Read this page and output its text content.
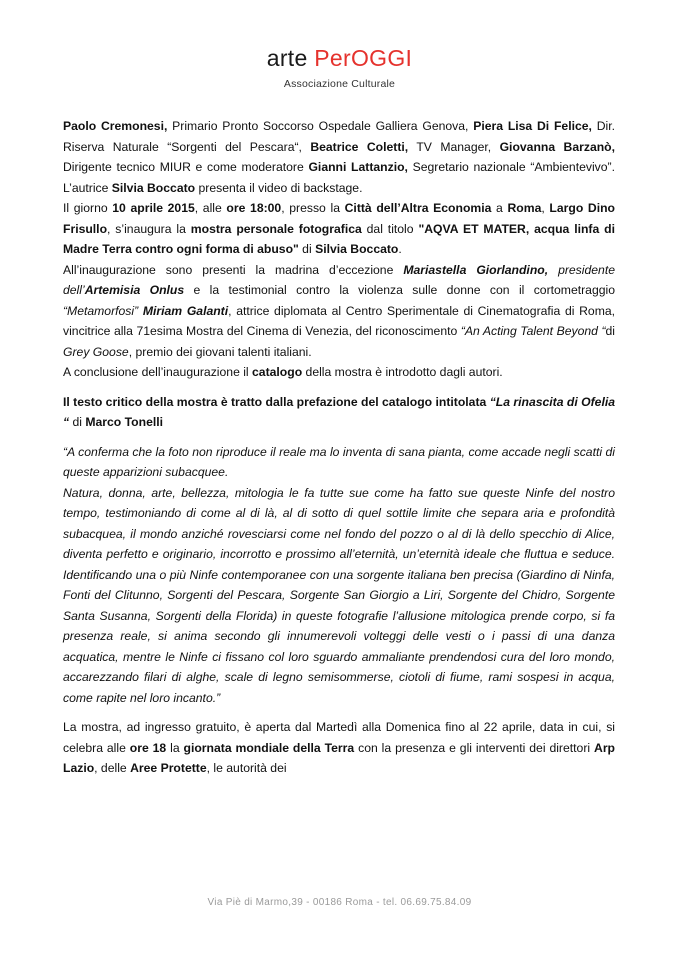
arte PerOGGI
Associazione Culturale

Paolo Cremonesi, Primario Pronto Soccorso Ospedale Galliera Genova, Piera Lisa Di Felice, Dir. Riserva Naturale “Sorgenti del Pescara“, Beatrice Coletti, TV Manager, Giovanna Barzanò, Dirigente tecnico MIUR e come moderatore Gianni Lattanzio, Segretario nazionale “Ambientevivo”. L’autrice Silvia Boccato presenta il video di backstage.

Il giorno 10 aprile 2015, alle ore 18:00, presso la Città dell’Altra Economia a Roma, Largo Dino Frisullo, s’inaugura la mostra personale fotografica dal titolo "AQVA ET MATER, acqua linfa di Madre Terra contro ogni forma di abuso" di Silvia Boccato.

All’inaugurazione sono presenti la madrina d’eccezione Mariastella Giorlandino, presidente dell’Artemisia Onlus e la testimonial contro la violenza sulle donne con il cortometraggio “Metamorfosi” Miriam Galanti, attrice diplomata al Centro Sperimentale di Cinematografia di Roma, vincitrice alla 71esima Mostra del Cinema di Venezia, del riconoscimento “An Acting Talent Beyond “di Grey Goose, premio dei giovani talenti italiani.

A conclusione dell’inaugurazione il catalogo della mostra è introdotto dagli autori.

Il testo critico della mostra è tratto dalla prefazione del catalogo intitolata “La rinascita di Ofelia “ di Marco Tonelli

“A conferma che la foto non riproduce il reale ma lo inventa di sana pianta, come accade negli scatti di queste apparizioni subacquee.

Natura, donna, arte, bellezza, mitologia le fa tutte sue come ha fatto sue queste Ninfe del nostro tempo, testimoniando di come al di là, al di sotto di quel sottile limite che separa aria e profondità subacquea, il mondo anziché rovesciarsi come nel fondo del pozzo o al di là dello specchio di Alice, diventa perfetto e originario, incorrotto e prossimo all’eternità, un’eternità ideale che fluttua e seduce. Identificando una o più Ninfe contemporanee con una sorgente italiana ben precisa (Giardino di Ninfa, Fonti del Clitunno, Sorgenti del Pescara, Sorgente San Giorgio a Liri, Sorgente del Chidro, Sorgente Santa Susanna, Sorgenti della Florida) in queste fotografie l’allusione mitologica prende corpo, si fa presenza reale, si anima secondo gli innumerevoli volteggi delle vesti o i passi di una danza acquatica, mentre le Ninfe ci fissano col loro sguardo ammaliante prendendosi cura del loro mondo, accarezzando filari di alghe, scale di legno semisommerse, ciotoli di fiume, rami sospesi in acqua, come rapite nel loro incanto.”

La mostra, ad ingresso gratuito, è aperta dal Martedì alla Domenica fino al 22 aprile, data in cui, si celebra alle ore 18 la giornata mondiale della Terra con la presenza e gli interventi dei direttori Arp Lazio, delle Aree Protette, le autorità dei

Via Piè di Marmo,39 - 00186 Roma - tel. 06.69.75.84.09
